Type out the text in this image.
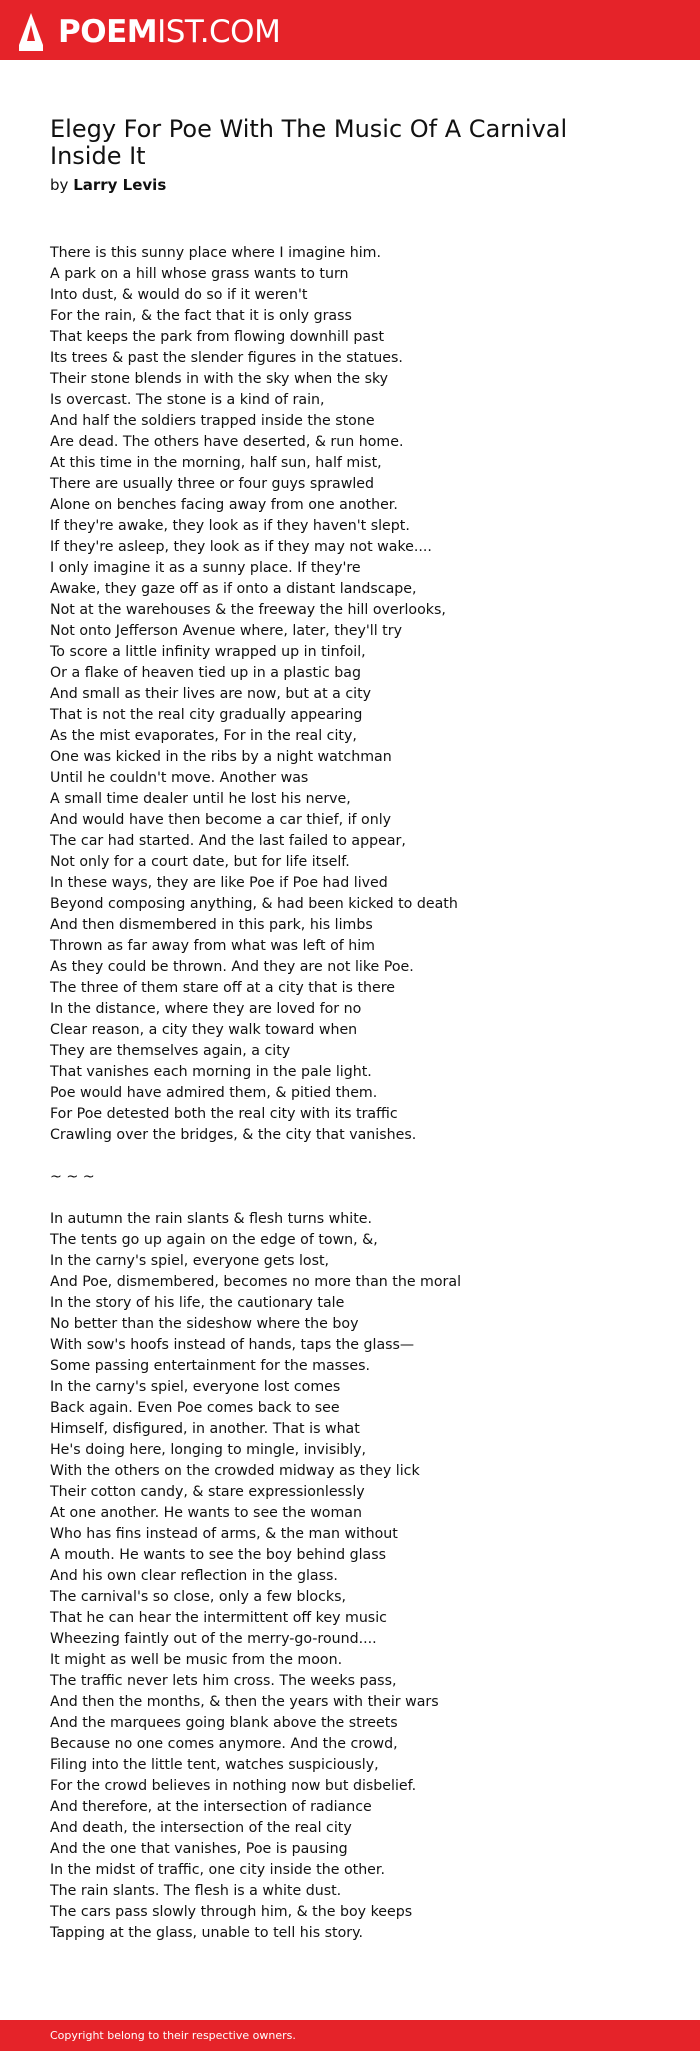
POEMIST.COM
Elegy For Poe With The Music Of A Carnival Inside It
by Larry Levis
There is this sunny place where I imagine him.
A park on a hill whose grass wants to turn
Into dust, & would do so if it weren't
For the rain, & the fact that it is only grass
That keeps the park from flowing downhill past
Its trees & past the slender figures in the statues.
Their stone blends in with the sky when the sky
Is overcast. The stone is a kind of rain,
And half the soldiers trapped inside the stone
Are dead. The others have deserted, & run home.
At this time in the morning, half sun, half mist,
There are usually three or four guys sprawled
Alone on benches facing away from one another.
If they're awake, they look as if they haven't slept.
If they're asleep, they look as if they may not wake....
I only imagine it as a sunny place. If they're
Awake, they gaze off as if onto a distant landscape,
Not at the warehouses & the freeway the hill overlooks,
Not onto Jefferson Avenue where, later, they'll try
To score a little infinity wrapped up in tinfoil,
Or a flake of heaven tied up in a plastic bag
And small as their lives are now, but at a city
That is not the real city gradually appearing
As the mist evaporates, For in the real city,
One was kicked in the ribs by a night watchman
Until he couldn't move. Another was
A small time dealer until he lost his nerve,
And would have then become a car thief, if only
The car had started. And the last failed to appear,
Not only for a court date, but for life itself.
In these ways, they are like Poe if Poe had lived
Beyond composing anything, & had been kicked to death
And then dismembered in this park, his limbs
Thrown as far away from what was left of him
As they could be thrown. And they are not like Poe.
The three of them stare off at a city that is there
In the distance, where they are loved for no
Clear reason, a city they walk toward when
They are themselves again, a city
That vanishes each morning in the pale light.
Poe would have admired them, & pitied them.
For Poe detested both the real city with its traffic
Crawling over the bridges, & the city that vanishes.
~ ~ ~
In autumn the rain slants & flesh turns white.
The tents go up again on the edge of town, &,
In the carny's spiel, everyone gets lost,
And Poe, dismembered, becomes no more than the moral
In the story of his life, the cautionary tale
No better than the sideshow where the boy
With sow's hoofs instead of hands, taps the glass—
Some passing entertainment for the masses.
In the carny's spiel, everyone lost comes
Back again. Even Poe comes back to see
Himself, disfigured, in another. That is what
He's doing here, longing to mingle, invisibly,
With the others on the crowded midway as they lick
Their cotton candy, & stare expressionlessly
At one another. He wants to see the woman
Who has fins instead of arms, & the man without
A mouth. He wants to see the boy behind glass
And his own clear reflection in the glass.
The carnival's so close, only a few blocks,
That he can hear the intermittent off key music
Wheezing faintly out of the merry-go-round....
It might as well be music from the moon.
The traffic never lets him cross. The weeks pass,
And then the months, & then the years with their wars
And the marquees going blank above the streets
Because no one comes anymore. And the crowd,
Filing into the little tent, watches suspiciously,
For the crowd believes in nothing now but disbelief.
And therefore, at the intersection of radiance
And death, the intersection of the real city
And the one that vanishes, Poe is pausing
In the midst of traffic, one city inside the other.
The rain slants. The flesh is a white dust.
The cars pass slowly through him, & the boy keeps
Tapping at the glass, unable to tell his story.
Copyright belong to their respective owners.
